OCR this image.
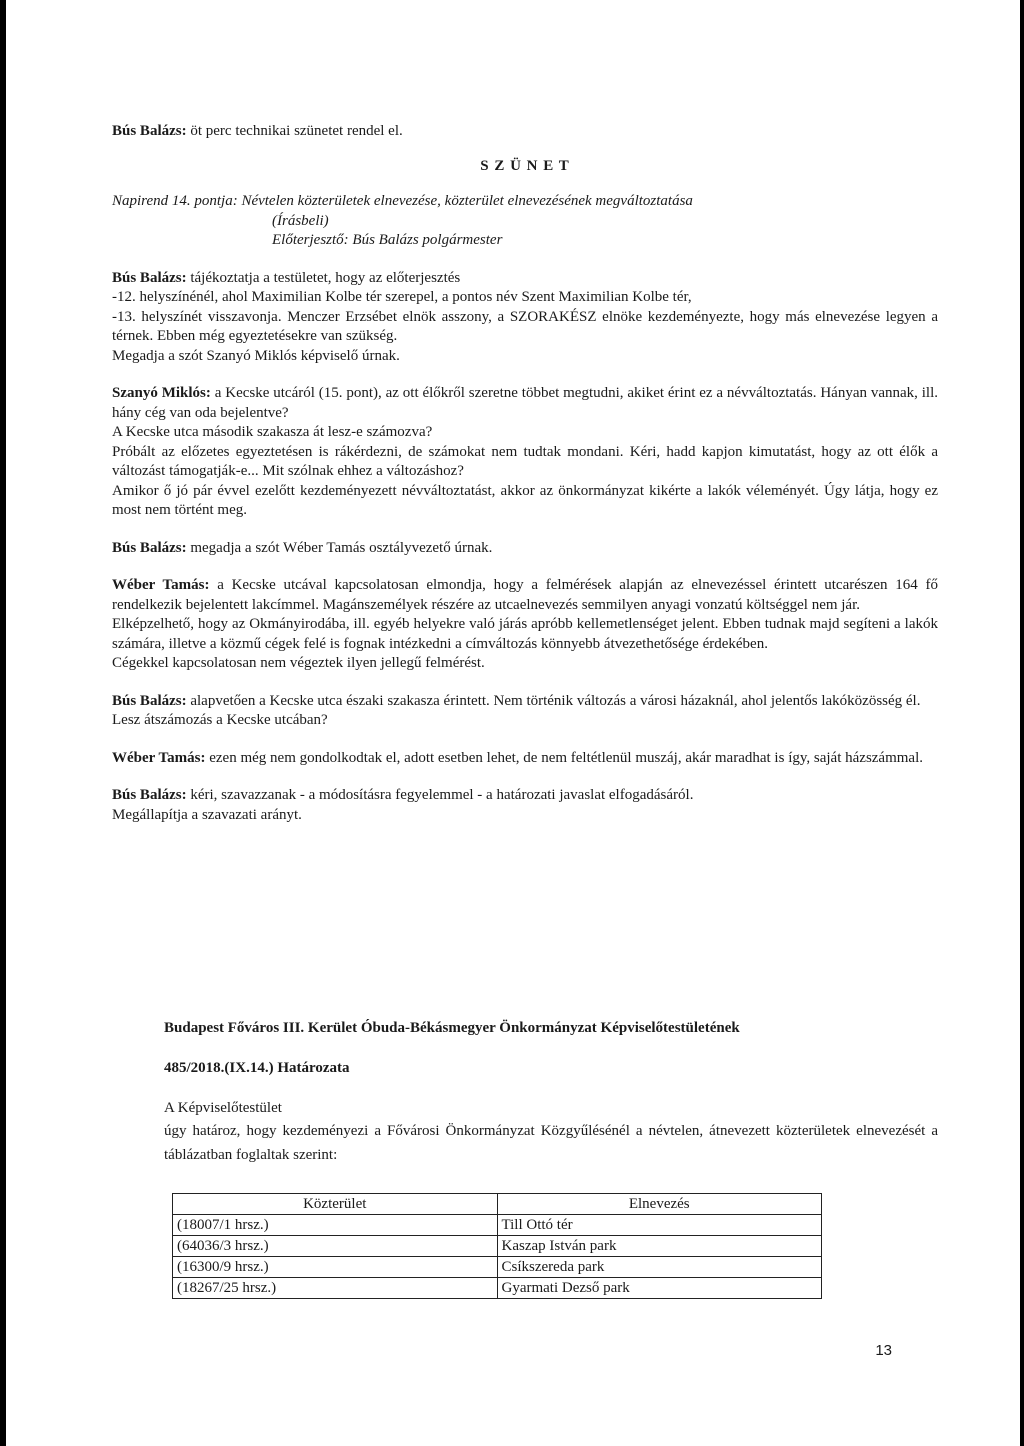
Bús Balázs: öt perc technikai szünetet rendel el.

S Z Ü N E T

Napirend 14. pontja: Névtelen közterületek elnevezése, közterület elnevezésének megváltoztatása

(Írásbeli)

Előterjesztő: Bús Balázs polgármester

Bús Balázs: tájékoztatja a testületet, hogy az előterjesztés

-12. helyszínénél, ahol Maximilian Kolbe tér szerepel, a pontos név Szent Maximilian Kolbe tér,

-13. helyszínét visszavonja. Menczer Erzsébet elnök asszony, a SZORAKÉSZ elnöke kezdeményezte, hogy más elnevezése legyen a térnek. Ebben még egyeztetésekre van szükség.

Megadja a szót Szanyó Miklós képviselő úrnak.

Szanyó Miklós: a Kecske utcáról (15. pont), az ott élőkről szeretne többet megtudni, akiket érint ez a névváltoztatás. Hányan vannak, ill. hány cég van oda bejelentve?

A Kecske utca második szakasza át lesz-e számozva?

Próbált az előzetes egyeztetésen is rákérdezni, de számokat nem tudtak mondani. Kéri, hadd kapjon kimutatást, hogy az ott élők a változást támogatják-e... Mit szólnak ehhez a változáshoz?

Amikor ő jó pár évvel ezelőtt kezdeményezett névváltoztatást, akkor az önkormányzat kikérte a lakók véleményét. Úgy látja, hogy ez most nem történt meg.

Bús Balázs: megadja a szót Wéber Tamás osztályvezető úrnak.

Wéber Tamás: a Kecske utcával kapcsolatosan elmondja, hogy a felmérések alapján az elnevezéssel érintett utcarészen 164 fő rendelkezik bejelentett lakcímmel. Magánszemélyek részére az utcaelnevezés semmilyen anyagi vonzatú költséggel nem jár.

Elképzelhető, hogy az Okmányirodába, ill. egyéb helyekre való járás apróbb kellemetlenséget jelent. Ebben tudnak majd segíteni a lakók számára, illetve a közmű cégek felé is fognak intézkedni a címváltozás könnyebb átvezethetősége érdekében.

Cégekkel kapcsolatosan nem végeztek ilyen jellegű felmérést.

Bús Balázs: alapvetően a Kecske utca északi szakasza érintett. Nem történik változás a városi házaknál, ahol jelentős lakóközösség él.

Lesz átszámozás a Kecske utcában?

Wéber Tamás: ezen még nem gondolkodtak el, adott esetben lehet, de nem feltétlenül muszáj, akár maradhat is így, saját házszámmal.

Bús Balázs: kéri, szavazzanak - a módosításra fegyelemmel - a határozati javaslat elfogadásáról.

Megállapítja a szavazati arányt.

Budapest Főváros III. Kerület Óbuda-Békásmegyer Önkormányzat Képviselőtestületének

485/2018.(IX.14.) Határozata

A Képviselőtestület

úgy határoz, hogy kezdeményezi a Fővárosi Önkormányzat Közgyűlésénél a névtelen, átnevezett közterületek elnevezését a táblázatban foglaltak szerint:

Közterület	Elnevezés
(18007/1 hrsz.)	Till Ottó tér
(64036/3 hrsz.)	Kaszap István park
(16300/9 hrsz.)	Csíkszereda park
(18267/25 hrsz.)	Gyarmati Dezső park
13
